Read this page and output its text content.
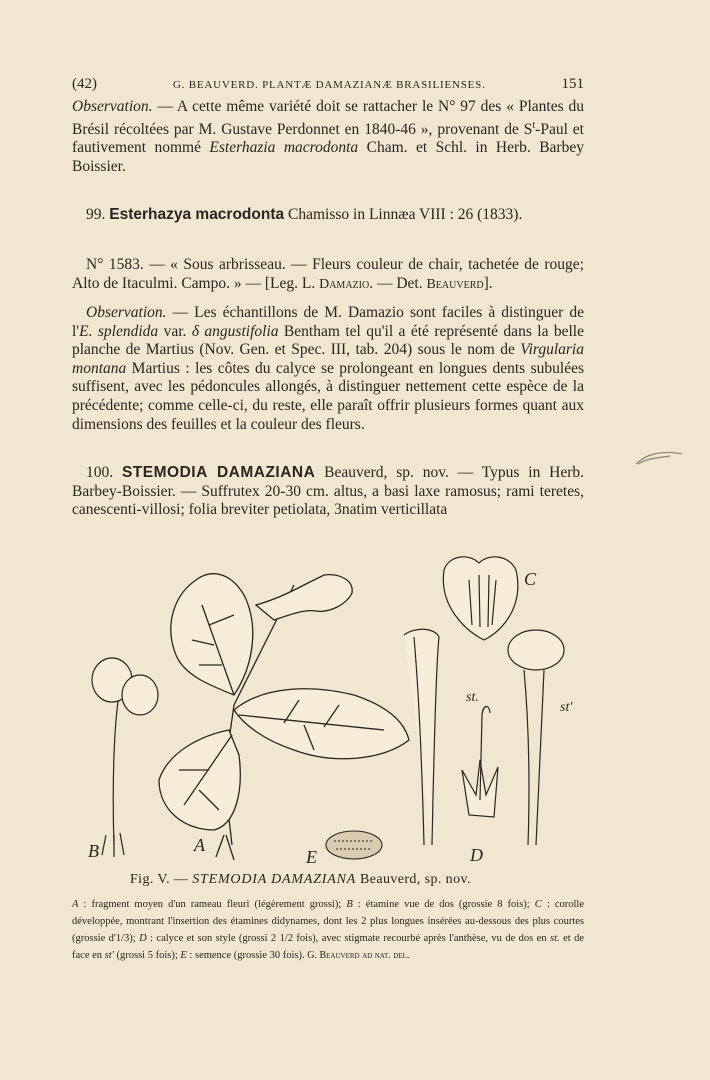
(42)	G. BEAUVERD. PLANTÆ DAMAZIANÆ BRASILIENSES.	151

Observation. — A cette même variété doit se rattacher le N° 97 des « Plantes du Brésil récoltées par M. Gustave Perdonnet en 1840-46 », provenant de $S^t$-Paul et fautivement nommé Esterhazia macrodonta Cham. et Schl. in Herb. Barbey Boissier.

99. Esterhazya macrodonta Chamisso in Linnæa VIII : 26 (1833).

N° 1583. — « Sous arbrisseau. — Fleurs couleur de chair, tachetée de rouge; Alto de Itaculmi. Campo. » — [Leg. L. Damazio. — Det. Beauverd].

Observation. — Les échantillons de M. Damazio sont faciles à distinguer de l'E. splendida var. δ angustifolia Bentham tel qu'il a été représenté dans la belle planche de Martius (Nov. Gen. et Spec. III, tab. 204) sous le nom de Virgularia montana Martius : les côtes du calyce se prolongeant en longues dents subulées suffisent, avec les pédoncules allongés, à distinguer nettement cette espèce de la précédente; comme celle-ci, du reste, elle paraît offrir plusieurs formes quant aux dimensions des feuilles et la couleur des fleurs.

100. STEMODIA DAMAZIANA Beauverd, sp. nov. — Typus in Herb. Barbey-Boissier. — Suffrutex 20-30 cm. altus, a basi laxe ramosus; rami teretes, canescenti-villosi; folia breviter petiolata, 3natim verticillata

B	A
E
C
D
st.
st'
Fig. V. — STEMODIA DAMAZIANA Beauverd, sp. nov.
A : fragment moyen d'un rameau fleuri (légèrement grossi); B : étamine vue de dos (grossie 8 fois); C : corolle développée, montrant l'insertion des étamines didynames, dont les 2 plus longues insérées au-dessous des plus courtes (grossie d'1/3); D : calyce et son style (grossi 2 1/2 fois), avec stigmate recourbé après l'anthèse, vu de dos en st. et de face en st' (grossi 5 fois); E : semence (grossie 30 fois). G. Beauverd ad nat. del.
